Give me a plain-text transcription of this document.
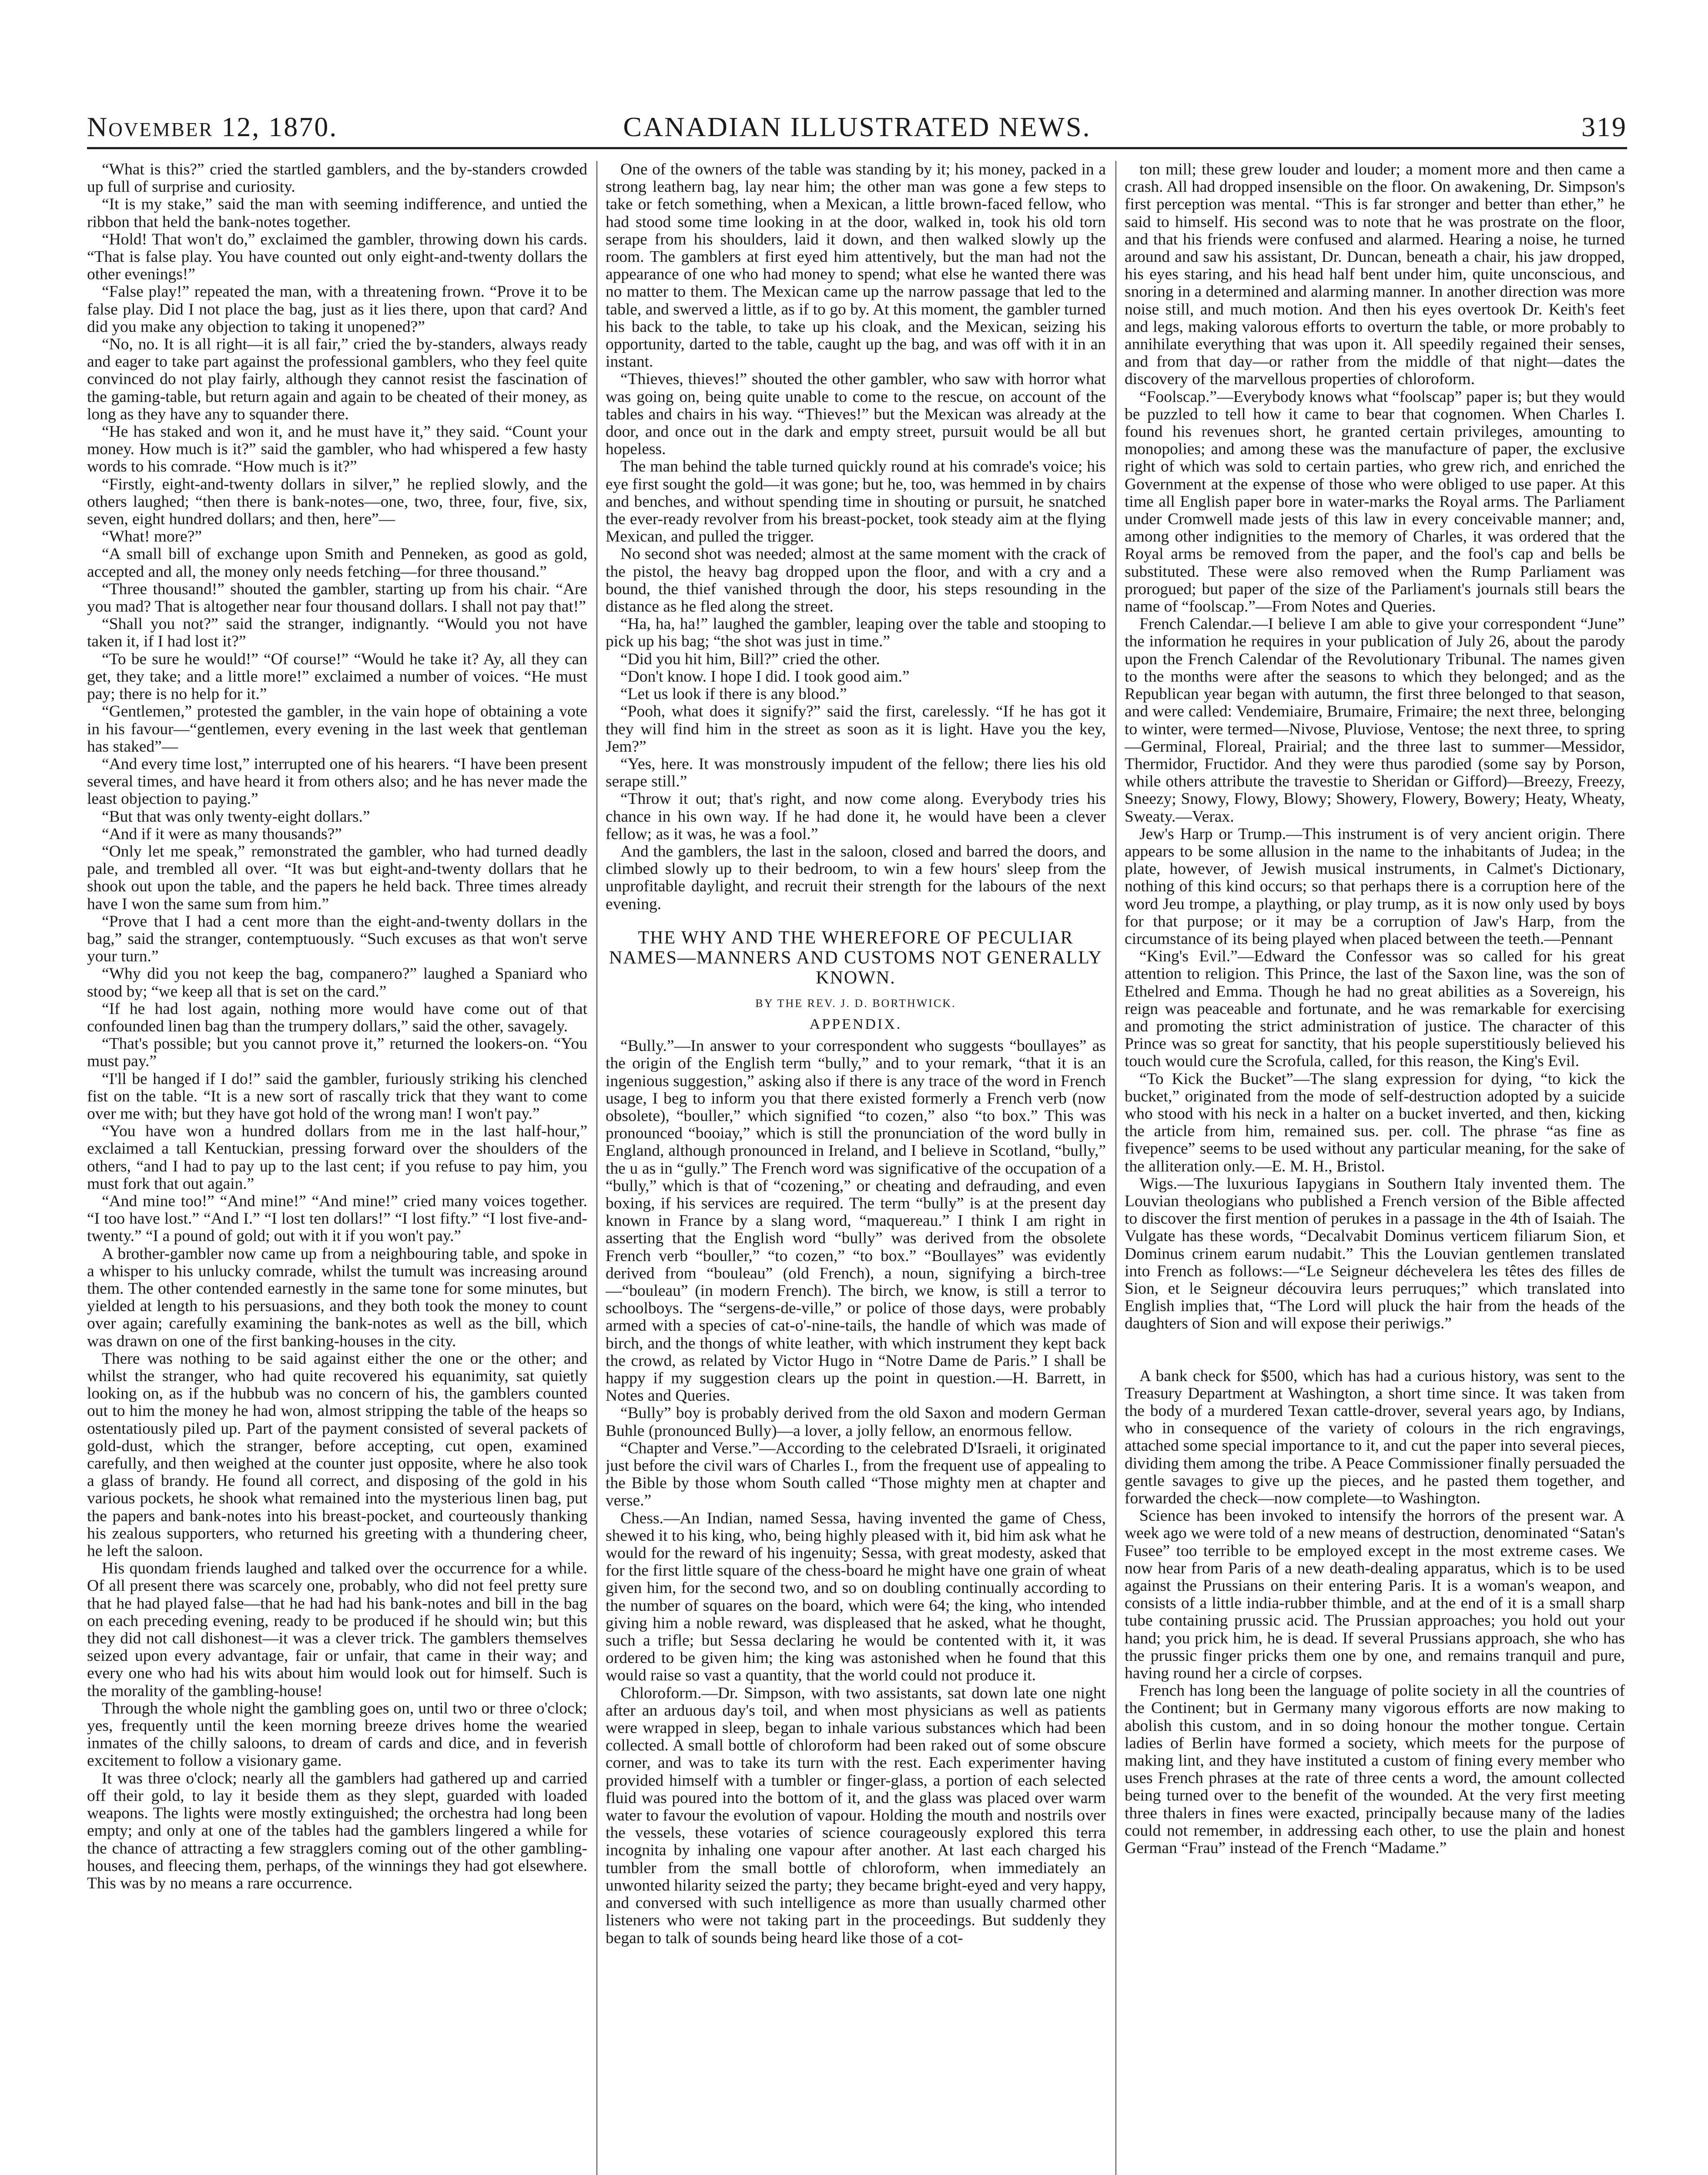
November 12, 1870.	CANADIAN ILLUSTRATED NEWS.	319

“What is this?” cried the startled gamblers, and the by-standers crowded up full of surprise and curiosity.

“It is my stake,” said the man with seeming indifference, and untied the ribbon that held the bank-notes together.

“Hold! That won't do,” exclaimed the gambler, throwing down his cards. “That is false play. You have counted out only eight-and-twenty dollars the other evenings!”

“False play!” repeated the man, with a threatening frown. “Prove it to be false play. Did I not place the bag, just as it lies there, upon that card? And did you make any objection to taking it unopened?”

“No, no. It is all right—it is all fair,” cried the by-standers, always ready and eager to take part against the professional gamblers, who they feel quite convinced do not play fairly, although they cannot resist the fascination of the gaming-table, but return again and again to be cheated of their money, as long as they have any to squander there.

“He has staked and won it, and he must have it,” they said. “Count your money. How much is it?” said the gambler, who had whispered a few hasty words to his comrade. “How much is it?”

“Firstly, eight-and-twenty dollars in silver,” he replied slowly, and the others laughed; “then there is bank-notes—one, two, three, four, five, six, seven, eight hundred dollars; and then, here”—

“What! more?”

“A small bill of exchange upon Smith and Penneken, as good as gold, accepted and all, the money only needs fetching—for three thousand.”

“Three thousand!” shouted the gambler, starting up from his chair. “Are you mad? That is altogether near four thousand dollars. I shall not pay that!”

“Shall you not?” said the stranger, indignantly. “Would you not have taken it, if I had lost it?”

“To be sure he would!” “Of course!” “Would he take it? Ay, all they can get, they take; and a little more!” exclaimed a number of voices. “He must pay; there is no help for it.”

“Gentlemen,” protested the gambler, in the vain hope of obtaining a vote in his favour—“gentlemen, every evening in the last week that gentleman has staked”—

“And every time lost,” interrupted one of his hearers. “I have been present several times, and have heard it from others also; and he has never made the least objection to paying.”

“But that was only twenty-eight dollars.”

“And if it were as many thousands?”

“Only let me speak,” remonstrated the gambler, who had turned deadly pale, and trembled all over. “It was but eight-and-twenty dollars that he shook out upon the table, and the papers he held back. Three times already have I won the same sum from him.”

“Prove that I had a cent more than the eight-and-twenty dollars in the bag,” said the stranger, contemptuously. “Such excuses as that won't serve your turn.”

“Why did you not keep the bag, companero?” laughed a Spaniard who stood by; “we keep all that is set on the card.”

“If he had lost again, nothing more would have come out of that confounded linen bag than the trumpery dollars,” said the other, savagely.

“That's possible; but you cannot prove it,” returned the lookers-on. “You must pay.”

“I'll be hanged if I do!” said the gambler, furiously striking his clenched fist on the table. “It is a new sort of rascally trick that they want to come over me with; but they have got hold of the wrong man! I won't pay.”

“You have won a hundred dollars from me in the last half-hour,” exclaimed a tall Kentuckian, pressing forward over the shoulders of the others, “and I had to pay up to the last cent; if you refuse to pay him, you must fork that out again.”

“And mine too!” “And mine!” “And mine!” cried many voices together. “I too have lost.” “And I.” “I lost ten dollars!” “I lost fifty.” “I lost five-and-twenty.” “I a pound of gold; out with it if you won't pay.”

A brother-gambler now came up from a neighbouring table, and spoke in a whisper to his unlucky comrade, whilst the tumult was increasing around them. The other contended earnestly in the same tone for some minutes, but yielded at length to his persuasions, and they both took the money to count over again; carefully examining the bank-notes as well as the bill, which was drawn on one of the first banking-houses in the city.

There was nothing to be said against either the one or the other; and whilst the stranger, who had quite recovered his equanimity, sat quietly looking on, as if the hubbub was no concern of his, the gamblers counted out to him the money he had won, almost stripping the table of the heaps so ostentatiously piled up. Part of the payment consisted of several packets of gold-dust, which the stranger, before accepting, cut open, examined carefully, and then weighed at the counter just opposite, where he also took a glass of brandy. He found all correct, and disposing of the gold in his various pockets, he shook what remained into the mysterious linen bag, put the papers and bank-notes into his breast-pocket, and courteously thanking his zealous supporters, who returned his greeting with a thundering cheer, he left the saloon.

His quondam friends laughed and talked over the occurrence for a while. Of all present there was scarcely one, probably, who did not feel pretty sure that he had played false—that he had had his bank-notes and bill in the bag on each preceding evening, ready to be produced if he should win; but this they did not call dishonest—it was a clever trick. The gamblers themselves seized upon every advantage, fair or unfair, that came in their way; and every one who had his wits about him would look out for himself. Such is the morality of the gambling-house!

Through the whole night the gambling goes on, until two or three o'clock; yes, frequently until the keen morning breeze drives home the wearied inmates of the chilly saloons, to dream of cards and dice, and in feverish excitement to follow a visionary game.

It was three o'clock; nearly all the gamblers had gathered up and carried off their gold, to lay it beside them as they slept, guarded with loaded weapons. The lights were mostly extinguished; the orchestra had long been empty; and only at one of the tables had the gamblers lingered a while for the chance of attracting a few stragglers coming out of the other gambling-houses, and fleecing them, perhaps, of the winnings they had got elsewhere. This was by no means a rare occurrence.

One of the owners of the table was standing by it; his money, packed in a strong leathern bag, lay near him; the other man was gone a few steps to take or fetch something, when a Mexican, a little brown-faced fellow, who had stood some time looking in at the door, walked in, took his old torn serape from his shoulders, laid it down, and then walked slowly up the room. The gamblers at first eyed him attentively, but the man had not the appearance of one who had money to spend; what else he wanted there was no matter to them. The Mexican came up the narrow passage that led to the table, and swerved a little, as if to go by. At this moment, the gambler turned his back to the table, to take up his cloak, and the Mexican, seizing his opportunity, darted to the table, caught up the bag, and was off with it in an instant.

“Thieves, thieves!” shouted the other gambler, who saw with horror what was going on, being quite unable to come to the rescue, on account of the tables and chairs in his way. “Thieves!” but the Mexican was already at the door, and once out in the dark and empty street, pursuit would be all but hopeless.

The man behind the table turned quickly round at his comrade's voice; his eye first sought the gold—it was gone; but he, too, was hemmed in by chairs and benches, and without spending time in shouting or pursuit, he snatched the ever-ready revolver from his breast-pocket, took steady aim at the flying Mexican, and pulled the trigger.

No second shot was needed; almost at the same moment with the crack of the pistol, the heavy bag dropped upon the floor, and with a cry and a bound, the thief vanished through the door, his steps resounding in the distance as he fled along the street.

“Ha, ha, ha!” laughed the gambler, leaping over the table and stooping to pick up his bag; “the shot was just in time.”

“Did you hit him, Bill?” cried the other.

“Don't know. I hope I did. I took good aim.”

“Let us look if there is any blood.”

“Pooh, what does it signify?” said the first, carelessly. “If he has got it they will find him in the street as soon as it is light. Have you the key, Jem?”

“Yes, here. It was monstrously impudent of the fellow; there lies his old serape still.”

“Throw it out; that's right, and now come along. Everybody tries his chance in his own way. If he had done it, he would have been a clever fellow; as it was, he was a fool.”

And the gamblers, the last in the saloon, closed and barred the doors, and climbed slowly up to their bedroom, to win a few hours' sleep from the unprofitable daylight, and recruit their strength for the labours of the next evening.

THE WHY AND THE WHEREFORE OF PECULIAR NAMES—MANNERS AND CUSTOMS NOT GENERALLY KNOWN.
BY THE REV. J. D. BORTHWICK.
APPENDIX.

“Bully.”—In answer to your correspondent who suggests “boullayes” as the origin of the English term “bully,” and to your remark, “that it is an ingenious suggestion,” asking also if there is any trace of the word in French usage, I beg to inform you that there existed formerly a French verb (now obsolete), “bouller,” which signified “to cozen,” also “to box.” This was pronounced “booiay,” which is still the pronunciation of the word bully in England, although pronounced in Ireland, and I believe in Scotland, “bully,” the u as in “gully.” The French word was significative of the occupation of a “bully,” which is that of “cozening,” or cheating and defrauding, and even boxing, if his services are required. The term “bully” is at the present day known in France by a slang word, “maquereau.” I think I am right in asserting that the English word “bully” was derived from the obsolete French verb “bouller,” “to cozen,” “to box.” “Boullayes” was evidently derived from “bouleau” (old French), a noun, signifying a birch-tree—“bouleau” (in modern French). The birch, we know, is still a terror to schoolboys. The “sergens-de-ville,” or police of those days, were probably armed with a species of cat-o'-nine-tails, the handle of which was made of birch, and the thongs of white leather, with which instrument they kept back the crowd, as related by Victor Hugo in “Notre Dame de Paris.” I shall be happy if my suggestion clears up the point in question.—H. Barrett, in Notes and Queries.

“Bully” boy is probably derived from the old Saxon and modern German Buhle (pronounced Bully)—a lover, a jolly fellow, an enormous fellow.

“Chapter and Verse.”—According to the celebrated D'Israeli, it originated just before the civil wars of Charles I., from the frequent use of appealing to the Bible by those whom South called “Those mighty men at chapter and verse.”

Chess.—An Indian, named Sessa, having invented the game of Chess, shewed it to his king, who, being highly pleased with it, bid him ask what he would for the reward of his ingenuity; Sessa, with great modesty, asked that for the first little square of the chess-board he might have one grain of wheat given him, for the second two, and so on doubling continually according to the number of squares on the board, which were 64; the king, who intended giving him a noble reward, was displeased that he asked, what he thought, such a trifle; but Sessa declaring he would be contented with it, it was ordered to be given him; the king was astonished when he found that this would raise so vast a quantity, that the world could not produce it.

Chloroform.—Dr. Simpson, with two assistants, sat down late one night after an arduous day's toil, and when most physicians as well as patients were wrapped in sleep, began to inhale various substances which had been collected. A small bottle of chloroform had been raked out of some obscure corner, and was to take its turn with the rest. Each experimenter having provided himself with a tumbler or finger-glass, a portion of each selected fluid was poured into the bottom of it, and the glass was placed over warm water to favour the evolution of vapour. Holding the mouth and nostrils over the vessels, these votaries of science courageously explored this terra incognita by inhaling one vapour after another. At last each charged his tumbler from the small bottle of chloroform, when immediately an unwonted hilarity seized the party; they became bright-eyed and very happy, and conversed with such intelligence as more than usually charmed other listeners who were not taking part in the proceedings. But suddenly they began to talk of sounds being heard like those of a cot-

ton mill; these grew louder and louder; a moment more and then came a crash. All had dropped insensible on the floor. On awakening, Dr. Simpson's first perception was mental. “This is far stronger and better than ether,” he said to himself. His second was to note that he was prostrate on the floor, and that his friends were confused and alarmed. Hearing a noise, he turned around and saw his assistant, Dr. Duncan, beneath a chair, his jaw dropped, his eyes staring, and his head half bent under him, quite unconscious, and snoring in a determined and alarming manner. In another direction was more noise still, and much motion. And then his eyes overtook Dr. Keith's feet and legs, making valorous efforts to overturn the table, or more probably to annihilate everything that was upon it. All speedily regained their senses, and from that day—or rather from the middle of that night—dates the discovery of the marvellous properties of chloroform.

“Foolscap.”—Everybody knows what “foolscap” paper is; but they would be puzzled to tell how it came to bear that cognomen. When Charles I. found his revenues short, he granted certain privileges, amounting to monopolies; and among these was the manufacture of paper, the exclusive right of which was sold to certain parties, who grew rich, and enriched the Government at the expense of those who were obliged to use paper. At this time all English paper bore in water-marks the Royal arms. The Parliament under Cromwell made jests of this law in every conceivable manner; and, among other indignities to the memory of Charles, it was ordered that the Royal arms be removed from the paper, and the fool's cap and bells be substituted. These were also removed when the Rump Parliament was prorogued; but paper of the size of the Parliament's journals still bears the name of “foolscap.”—From Notes and Queries.

French Calendar.—I believe I am able to give your correspondent “June” the information he requires in your publication of July 26, about the parody upon the French Calendar of the Revolutionary Tribunal. The names given to the months were after the seasons to which they belonged; and as the Republican year began with autumn, the first three belonged to that season, and were called: Vendemiaire, Brumaire, Frimaire; the next three, belonging to winter, were termed—Nivose, Pluviose, Ventose; the next three, to spring—Germinal, Floreal, Prairial; and the three last to summer—Messidor, Thermidor, Fructidor. And they were thus parodied (some say by Porson, while others attribute the travestie to Sheridan or Gifford)—Breezy, Freezy, Sneezy; Snowy, Flowy, Blowy; Showery, Flowery, Bowery; Heaty, Wheaty, Sweaty.—Verax.

Jew's Harp or Trump.—This instrument is of very ancient origin. There appears to be some allusion in the name to the inhabitants of Judea; in the plate, however, of Jewish musical instruments, in Calmet's Dictionary, nothing of this kind occurs; so that perhaps there is a corruption here of the word Jeu trompe, a plaything, or play trump, as it is now only used by boys for that purpose; or it may be a corruption of Jaw's Harp, from the circumstance of its being played when placed between the teeth.—Pennant

“King's Evil.”—Edward the Confessor was so called for his great attention to religion. This Prince, the last of the Saxon line, was the son of Ethelred and Emma. Though he had no great abilities as a Sovereign, his reign was peaceable and fortunate, and he was remarkable for exercising and promoting the strict administration of justice. The character of this Prince was so great for sanctity, that his people superstitiously believed his touch would cure the Scrofula, called, for this reason, the King's Evil.

“To Kick the Bucket”—The slang expression for dying, “to kick the bucket,” originated from the mode of self-destruction adopted by a suicide who stood with his neck in a halter on a bucket inverted, and then, kicking the article from him, remained sus. per. coll. The phrase “as fine as fivepence” seems to be used without any particular meaning, for the sake of the alliteration only.—E. M. H., Bristol.

Wigs.—The luxurious Iapygians in Southern Italy invented them. The Louvian theologians who published a French version of the Bible affected to discover the first mention of perukes in a passage in the 4th of Isaiah. The Vulgate has these words, “Decalvabit Dominus verticem filiarum Sion, et Dominus crinem earum nudabit.” This the Louvian gentlemen translated into French as follows:—“Le Seigneur déchevelera les têtes des filles de Sion, et le Seigneur découvira leurs perruques;” which translated into English implies that, “The Lord will pluck the hair from the heads of the daughters of Sion and will expose their periwigs.”

A bank check for $500, which has had a curious history, was sent to the Treasury Department at Washington, a short time since. It was taken from the body of a murdered Texan cattle-drover, several years ago, by Indians, who in consequence of the variety of colours in the rich engravings, attached some special importance to it, and cut the paper into several pieces, dividing them among the tribe. A Peace Commissioner finally persuaded the gentle savages to give up the pieces, and he pasted them together, and forwarded the check—now complete—to Washington.

Science has been invoked to intensify the horrors of the present war. A week ago we were told of a new means of destruction, denominated “Satan's Fusee” too terrible to be employed except in the most extreme cases. We now hear from Paris of a new death-dealing apparatus, which is to be used against the Prussians on their entering Paris. It is a woman's weapon, and consists of a little india-rubber thimble, and at the end of it is a small sharp tube containing prussic acid. The Prussian approaches; you hold out your hand; you prick him, he is dead. If several Prussians approach, she who has the prussic finger pricks them one by one, and remains tranquil and pure, having round her a circle of corpses.

French has long been the language of polite society in all the countries of the Continent; but in Germany many vigorous efforts are now making to abolish this custom, and in so doing honour the mother tongue. Certain ladies of Berlin have formed a society, which meets for the purpose of making lint, and they have instituted a custom of fining every member who uses French phrases at the rate of three cents a word, the amount collected being turned over to the benefit of the wounded. At the very first meeting three thalers in fines were exacted, principally because many of the ladies could not remember, in addressing each other, to use the plain and honest German “Frau” instead of the French “Madame.”
